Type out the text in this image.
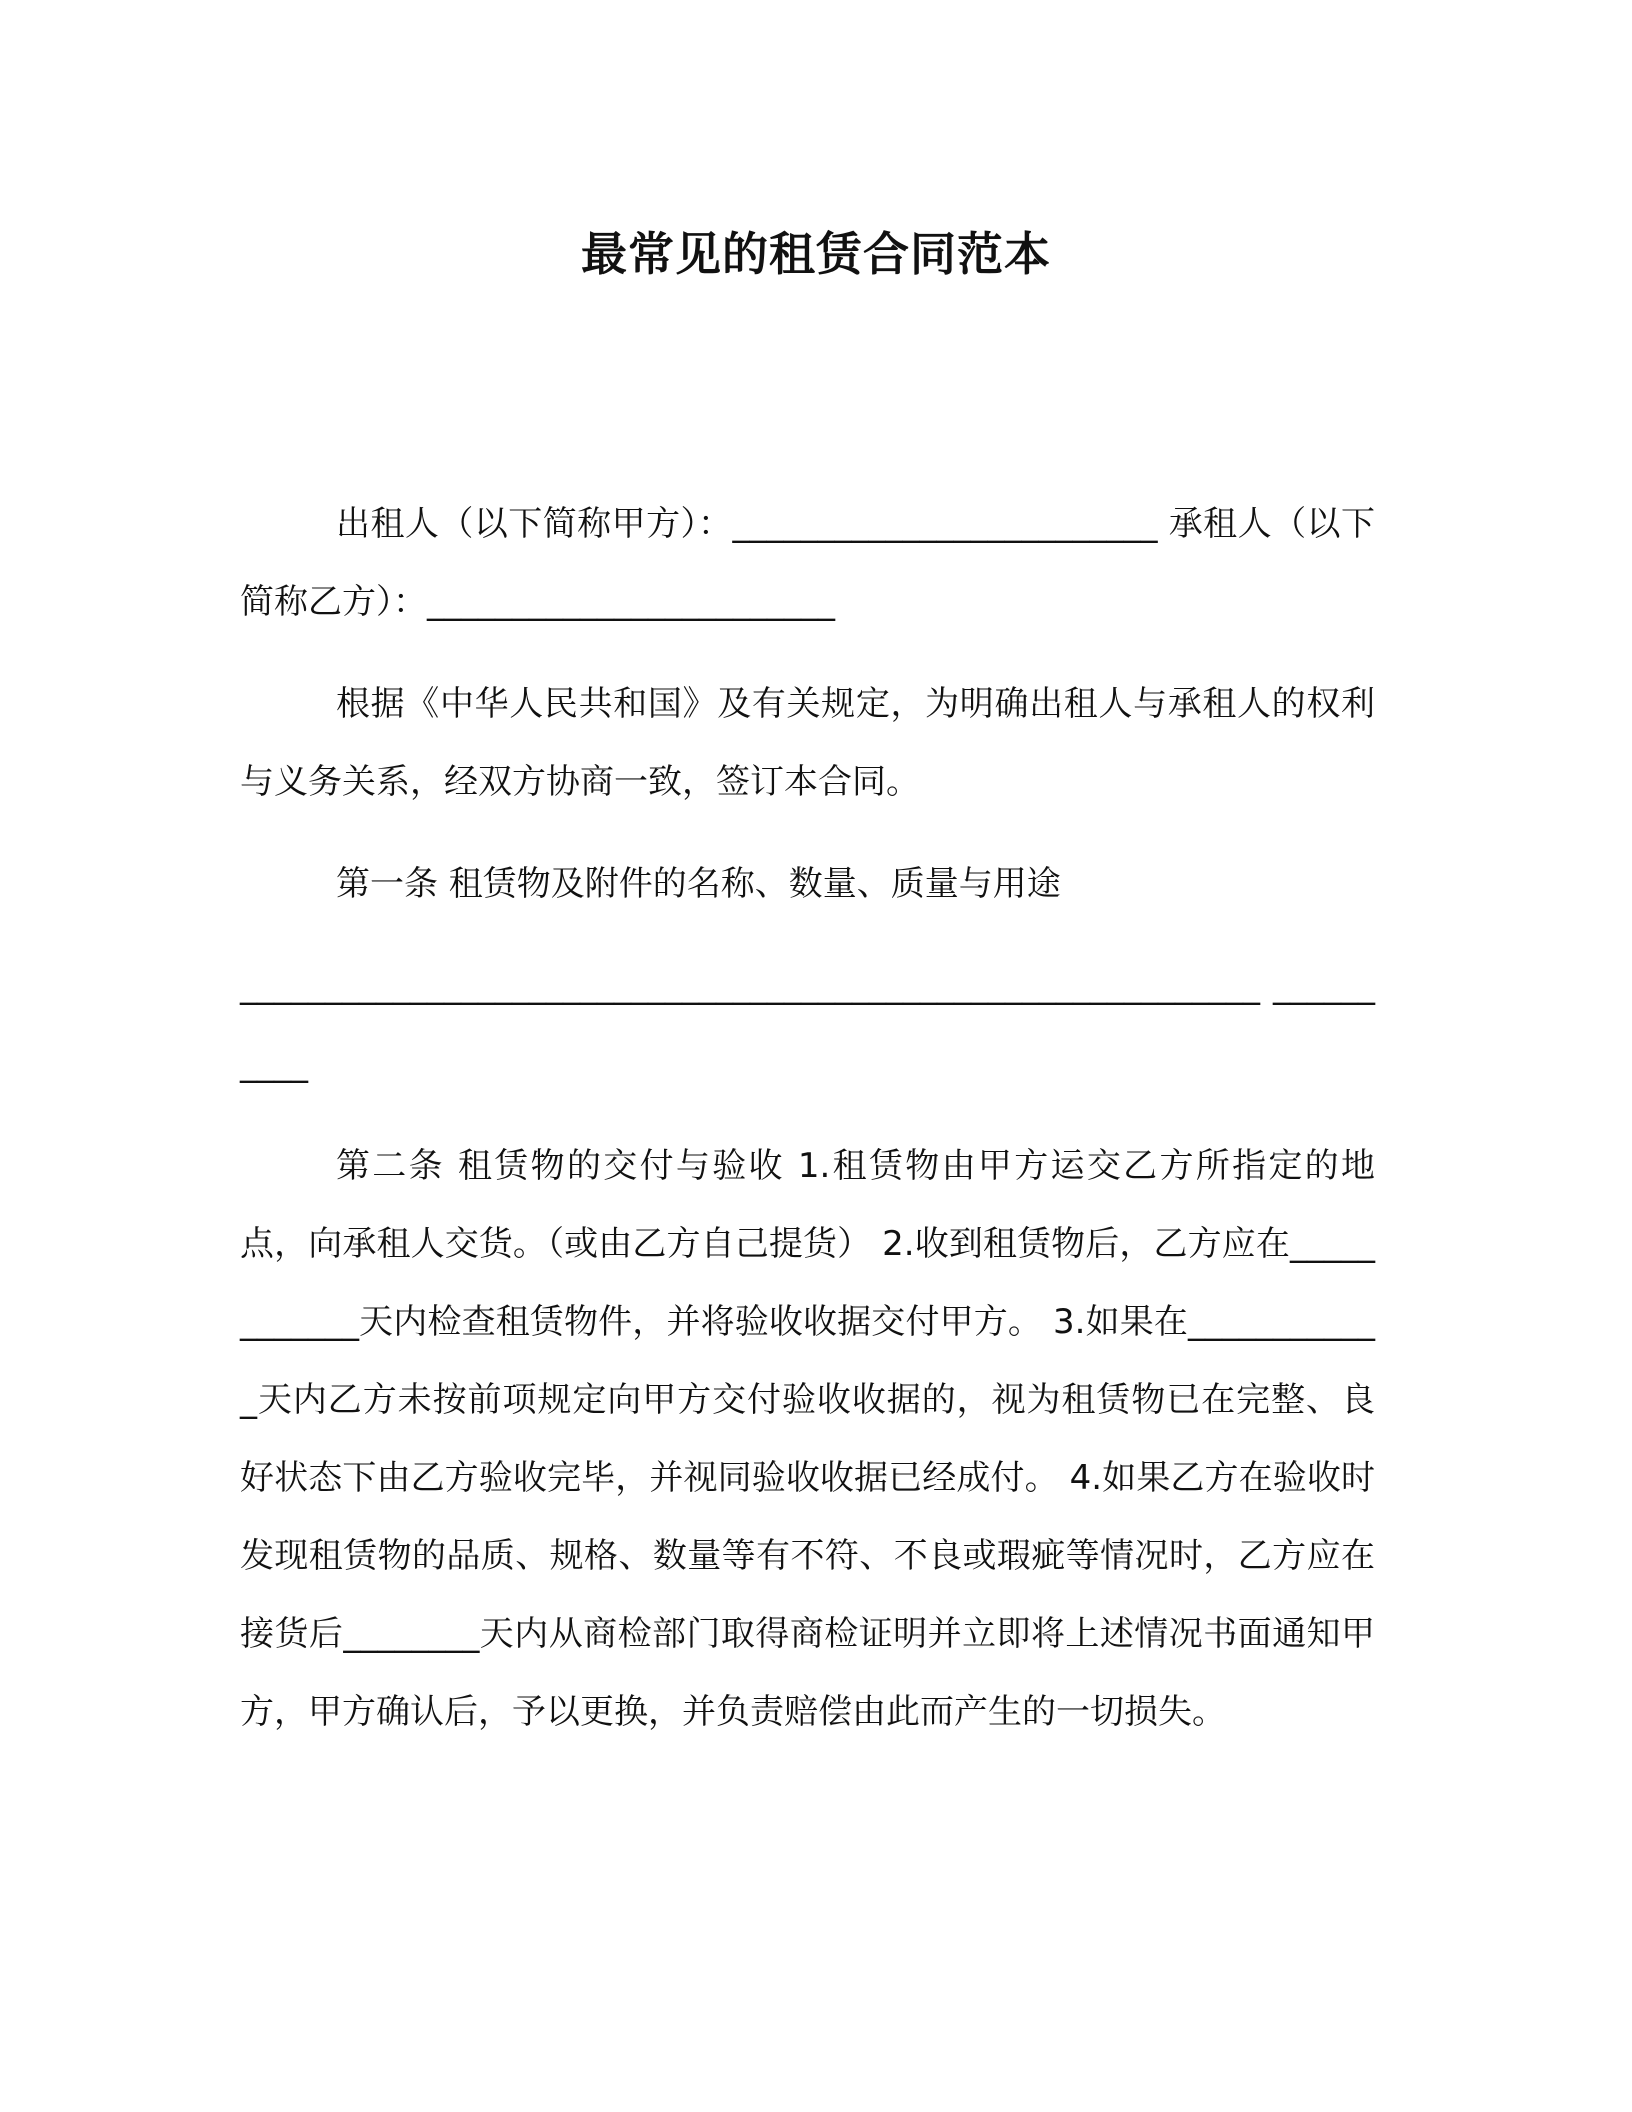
最常见的租赁合同范本

出租人（以下简称甲方）：_________________________ 承租人（以下简称乙方）：________________________

根据《中华人民共和国》及有关规定，为明确出租人与承租人的权利与义务关系，经双方协商一致，签订本合同。

第一条 租赁物及附件的名称、数量、质量与用途

____________________________________________________________ __________

第二条 租赁物的交付与验收 1.租赁物由甲方运交乙方所指定的地点，向承租人交货。（或由乙方自己提货） 2.收到租赁物后，乙方应在____________天内检查租赁物件，并将验收收据交付甲方。 3.如果在____________天内乙方未按前项规定向甲方交付验收收据的，视为租赁物已在完整、良好状态下由乙方验收完毕，并视同验收收据已经成付。 4.如果乙方在验收时发现租赁物的品质、规格、数量等有不符、不良或瑕疵等情况时，乙方应在接货后________天内从商检部门取得商检证明并立即将上述情况书面通知甲方，甲方确认后，予以更换，并负责赔偿由此而产生的一切损失。
